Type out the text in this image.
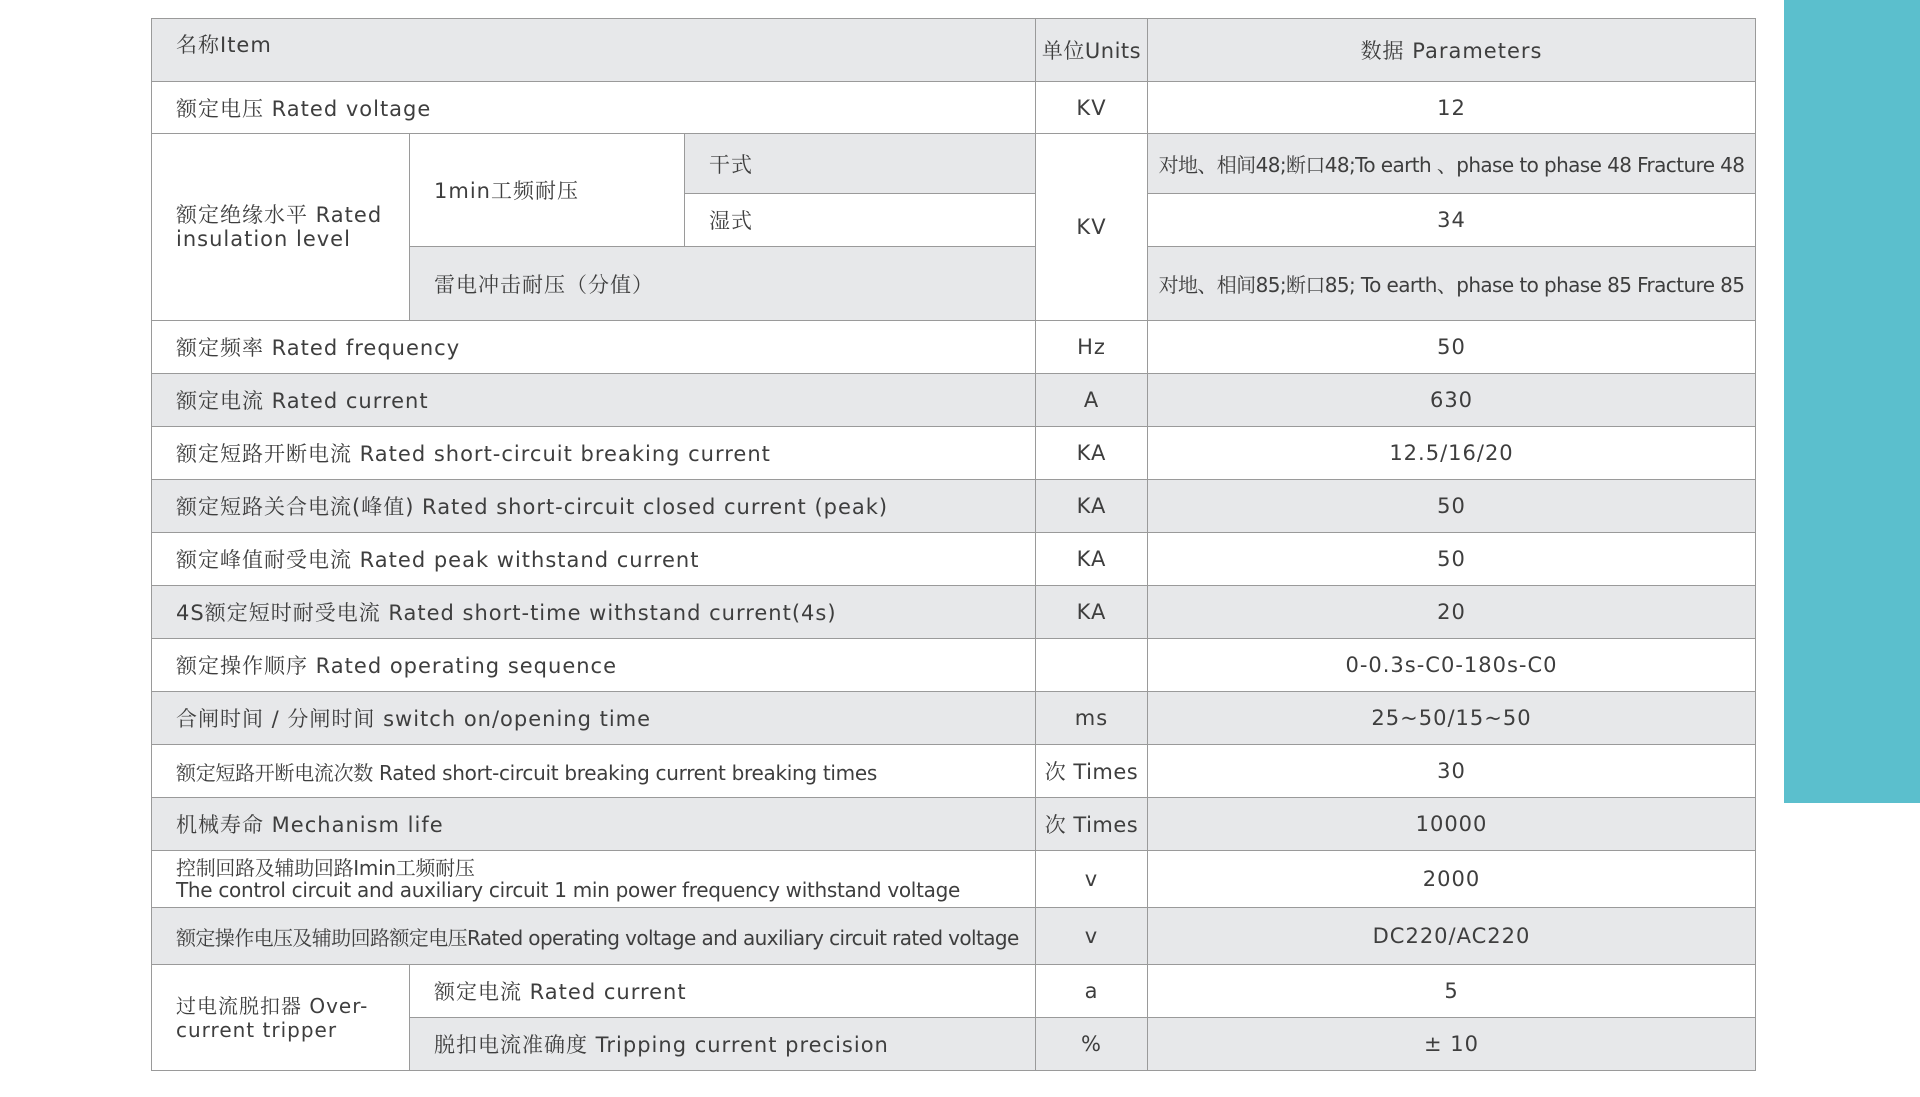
名称Item			单位Units	数据 Parameters
额定电压 Rated voltage			KV	12
额定绝缘水平 Rated insulation level	1min工频耐压	干式	KV	对地、相间48;断口48;To earth 、phase to phase 48 Fracture 48
		湿式		34
	雷电冲击耐压（分值）			对地、相间85;断口85; To earth、phase to phase 85 Fracture 85
额定频率 Rated frequency			Hz	50
额定电流 Rated current			A	630
额定短路开断电流 Rated short-circuit breaking current			KA	12.5/16/20
额定短路关合电流(峰值) Rated short-circuit closed current (peak)			KA	50
额定峰值耐受电流 Rated peak withstand current			KA	50
4S额定短时耐受电流 Rated short-time withstand current(4s)			KA	20
额定操作顺序 Rated operating sequence				0-0.3s-C0-180s-C0
合闸时间 / 分闸时间 switch on/opening time			ms	25~50/15~50
额定短路开断电流次数 Rated short-circuit breaking current breaking times			次 Times	30
机械寿命 Mechanism life			次 Times	10000

控制回路及辅助回路Imin工频耐压
The control circuit and auxiliary circuit 1 min power frequency withstand voltage			v	2000
额定操作电压及辅助回路额定电压Rated operating voltage and auxiliary circuit rated voltage			v	DC220/AC220
过电流脱扣器 Over-current tripper	额定电流 Rated current		a	5
	脱扣电流准确度 Tripping current precision		%	± 10
